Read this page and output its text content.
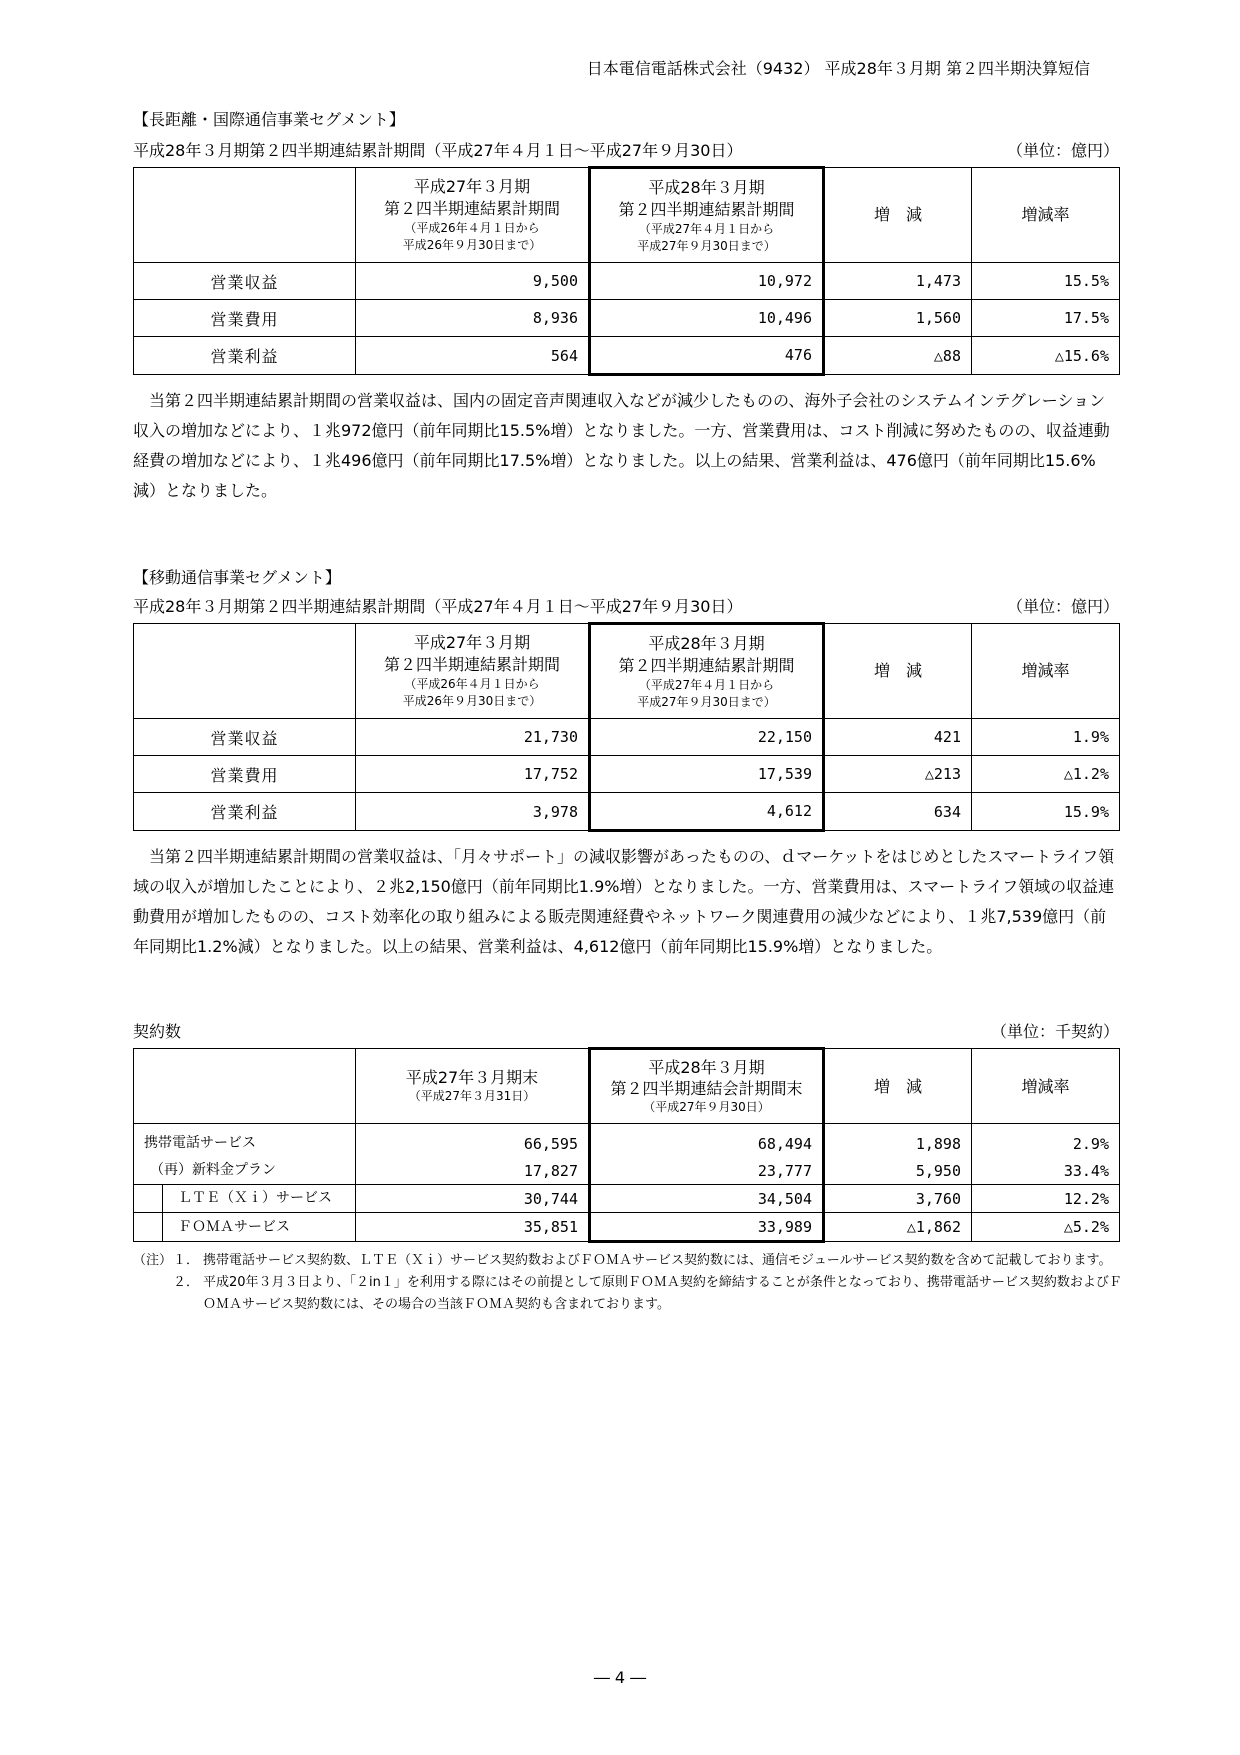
日本電信電話株式会社（9432） 平成28年３月期 第２四半期決算短信
【長距離・国際通信事業セグメント】
平成28年３月期第２四半期連結累計期間（平成27年４月１日～平成27年９月30日）	（単位：億円）

	平成27年３月期
第２四半期連結累計期間
（平成26年４月１日から
平成26年９月30日まで）	平成28年３月期
第２四半期連結累計期間
（平成27年４月１日から
平成27年９月30日まで）	増　減	増減率
営業収益	9,500	10,972	1,473	15.5%
営業費用	8,936	10,496	1,560	17.5%
営業利益	564	476	△88	△15.6%

当第２四半期連結累計期間の営業収益は、国内の固定音声関連収入などが減少したものの、海外子会社のシステムインテグレーション収入の増加などにより、１兆972億円（前年同期比15.5%増）となりました。一方、営業費用は、コスト削減に努めたものの、収益連動経費の増加などにより、１兆496億円（前年同期比17.5%増）となりました。以上の結果、営業利益は、476億円（前年同期比15.6%減）となりました。

【移動通信事業セグメント】
平成28年３月期第２四半期連結累計期間（平成27年４月１日～平成27年９月30日）	（単位：億円）

	平成27年３月期
第２四半期連結累計期間
（平成26年４月１日から
平成26年９月30日まで）	平成28年３月期
第２四半期連結累計期間
（平成27年４月１日から
平成27年９月30日まで）	増　減	増減率
営業収益	21,730	22,150	421	1.9%
営業費用	17,752	17,539	△213	△1.2%
営業利益	3,978	4,612	634	15.9%

当第２四半期連結累計期間の営業収益は、「月々サポート」の減収影響があったものの、ｄマーケットをはじめとしたスマートライフ領域の収入が増加したことにより、２兆2,150億円（前年同期比1.9%増）となりました。一方、営業費用は、スマートライフ領域の収益連動費用が増加したものの、コスト効率化の取り組みによる販売関連経費やネットワーク関連費用の減少などにより、１兆7,539億円（前年同期比1.2%減）となりました。以上の結果、営業利益は、4,612億円（前年同期比15.9%増）となりました。

契約数	（単位：千契約）

	平成27年３月期末
（平成27年３月31日）	平成28年３月期
第２四半期連結会計期間末
（平成27年９月30日）	増　減	増減率

携帯電話サービス	66,595	68,494	1,898	2.9%

（再）新料金プラン	17,827	23,777	5,950	33.4%

ＬＴＥ（Ｘｉ）サービス	30,744	34,504	3,760	12.2%

ＦＯＭＡサービス	35,851	33,989	△1,862	△5.2%
（注） １． 携帯電話サービス契約数、ＬＴＥ（Ｘｉ）サービス契約数およびＦＯＭＡサービス契約数には、通信モジュールサービス契約数を含めて記載しております。
２． 平成20年３月３日より、「２in１」を利用する際にはその前提として原則ＦＯＭＡ契約を締結することが条件となっており、携帯電話サービス契約数およびＦＯＭＡサービス契約数には、その場合の当該ＦＯＭＡ契約も含まれております。
― 4 ―
